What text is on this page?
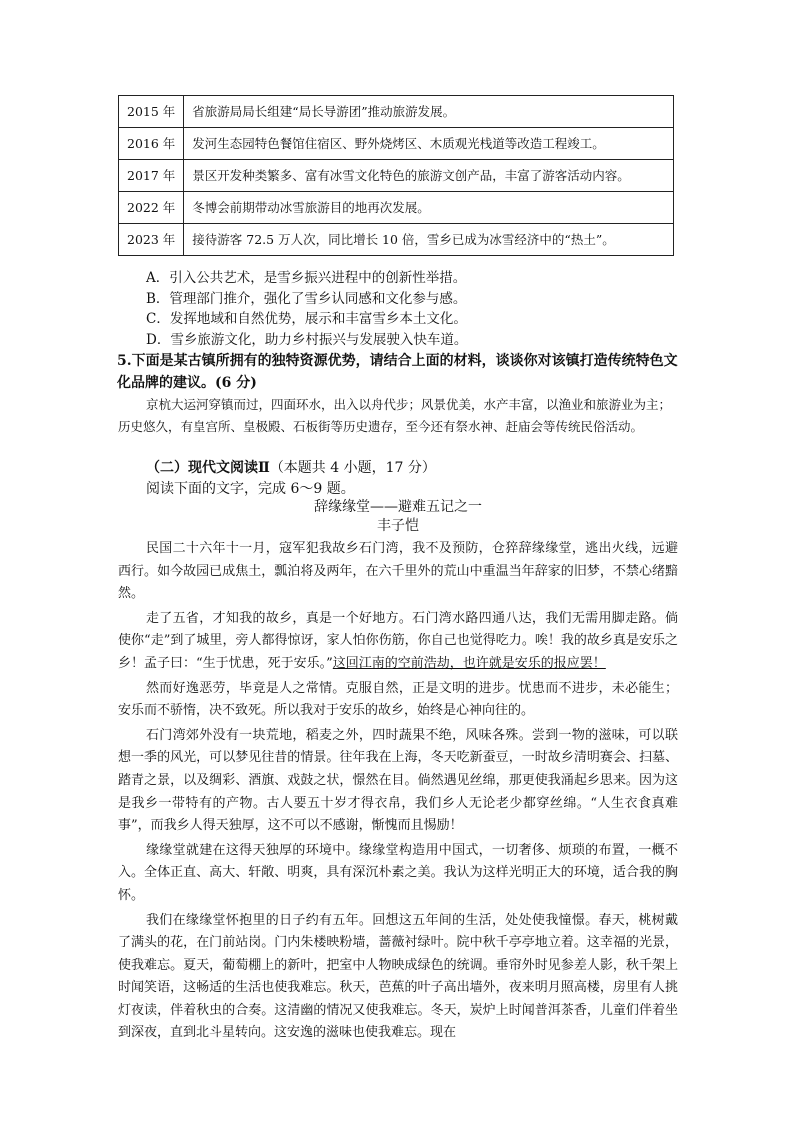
2015 年	省旅游局局长组建“局长导游团”推动旅游发展。
2016 年	发河生态园特色餐馆住宿区、野外烧烤区、木质观光栈道等改造工程竣工。
2017 年	景区开发种类繁多、富有冰雪文化特色的旅游文创产品，丰富了游客活动内容。
2022 年	冬博会前期带动冰雪旅游目的地再次发展。
2023 年	接待游客 72.5 万人次，同比增长 10 倍，雪乡已成为冰雪经济中的“热土”。
A．引入公共艺术，是雪乡振兴进程中的创新性举措。
B．管理部门推介，强化了雪乡认同感和文化参与感。
C．发挥地域和自然优势，展示和丰富雪乡本土文化。
D．雪乡旅游文化，助力乡村振兴与发展驶入快车道。
5.下面是某古镇所拥有的独特资源优势，请结合上面的材料，谈谈你对该镇打造传统特色文化品牌的建议。(6 分)
京杭大运河穿镇而过，四面环水，出入以舟代步；风景优美，水产丰富，以渔业和旅游业为主；历史悠久，有皇宫所、皇极殿、石板街等历史遗存，至今还有祭水神、赶庙会等传统民俗活动。
（二）现代文阅读Ⅱ（本题共 4 小题，17 分）
阅读下面的文字，完成 6～9 题。
辞缘缘堂——避难五记之一
丰子恺

民国二十六年十一月，寇军犯我故乡石门湾，我不及预防，仓猝辞缘缘堂，逃出火线，远避西行。如今故园已成焦土，瓢泊将及两年，在六千里外的荒山中重温当年辞家的旧梦，不禁心绪黯然。

走了五省，才知我的故乡，真是一个好地方。石门湾水路四通八达，我们无需用脚走路。倘使你“走”到了城里，旁人都得惊讶，家人怕你伤筋，你自己也觉得吃力。唉！我的故乡真是安乐之乡！孟子曰：“生于忧患，死于安乐。”这回江南的空前浩劫，也许就是安乐的报应罢！

然而好逸恶劳，毕竟是人之常情。克服自然，正是文明的进步。忧患而不进步，未必能生；安乐而不骄惰，决不致死。所以我对于安乐的故乡，始终是心神向往的。

石门湾郊外没有一块荒地，稻麦之外，四时蔬果不绝，风味各殊。尝到一物的滋味，可以联想一季的风光，可以梦见往昔的情景。往年我在上海，冬天吃新蚕豆，一时故乡清明赛会、扫墓、踏青之景，以及绸彩、酒旗、戏鼓之状，憬然在目。倘然遇见丝绵，那更使我涌起乡思来。因为这是我乡一带特有的产物。古人要五十岁才得衣帛，我们乡人无论老少都穿丝绵。“人生衣食真难事”，而我乡人得天独厚，这不可以不感谢，惭愧而且惕励！

缘缘堂就建在这得天独厚的环境中。缘缘堂构造用中国式，一切奢侈、烦琐的布置，一概不入。全体正直、高大、轩敞、明爽，具有深沉朴素之美。我认为这样光明正大的环境，适合我的胸怀。

我们在缘缘堂怀抱里的日子约有五年。回想这五年间的生活，处处使我憧憬。春天，桃树戴了满头的花，在门前站岗。门内朱楼映粉墙，蔷薇衬绿叶。院中秋千亭亭地立着。这幸福的光景，使我难忘。夏天，葡萄棚上的新叶，把室中人物映成绿色的统调。垂帘外时见参差人影，秋千架上时闻笑语，这畅适的生活也使我难忘。秋天，芭蕉的叶子高出墙外，夜来明月照高楼，房里有人挑灯夜读，伴着秋虫的合奏。这清幽的情况又使我难忘。冬天，炭炉上时闻普洱茶香，儿童们伴着坐到深夜，直到北斗星转向。这安逸的滋味也使我难忘。现在
